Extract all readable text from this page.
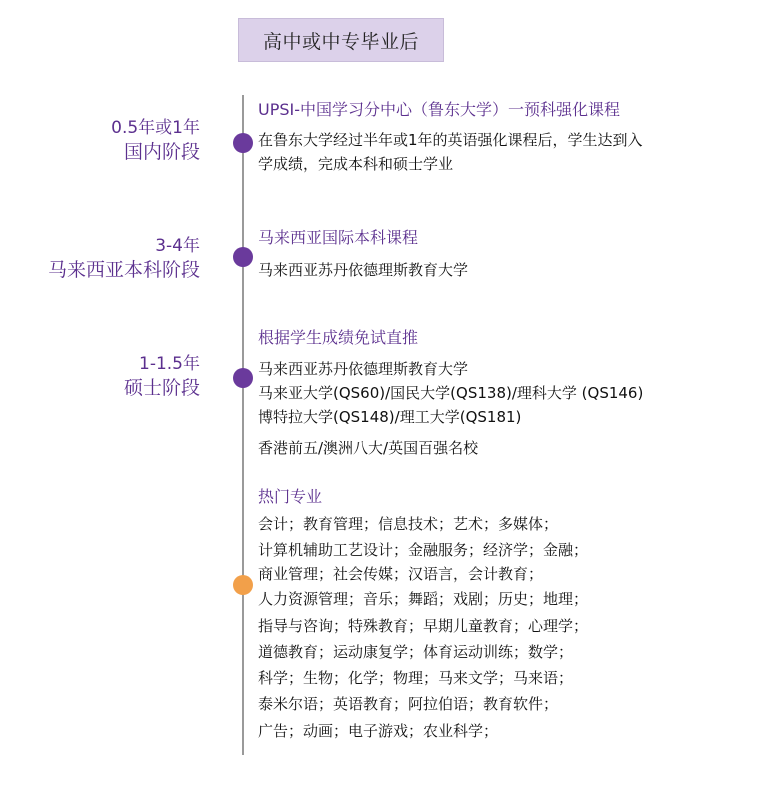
高中或中专毕业后
0.5年或1年
国内阶段
UPSI-中国学习分中心（鲁东大学）一预科强化课程
在鲁东大学经过半年或1年的英语强化课程后，学生达到入
学成绩，完成本科和硕士学业
3-4年
马来西亚本科阶段
马来西亚国际本科课程
马来西亚苏丹依德理斯教育大学
1-1.5年
硕士阶段
根据学生成绩免试直推
马来西亚苏丹依德理斯教育大学
马来亚大学(QS60)/国民大学(QS138)/理科大学 (QS146)
博特拉大学(QS148)/理工大学(QS181)
香港前五/澳洲八大/英国百强名校
热门专业
会计；教育管理；信息技术；艺术；多媒体；
计算机辅助工艺设计；金融服务；经济学；金融；
商业管理；社会传媒；汉语言，会计教育；
人力资源管理；音乐；舞蹈；戏剧；历史；地理；
指导与咨询；特殊教育；早期儿童教育；心理学；
道德教育；运动康复学；体育运动训练；数学；
科学；生物；化学；物理；马来文学；马来语；
泰米尔语；英语教育；阿拉伯语；教育软件；
广告；动画；电子游戏；农业科学；
